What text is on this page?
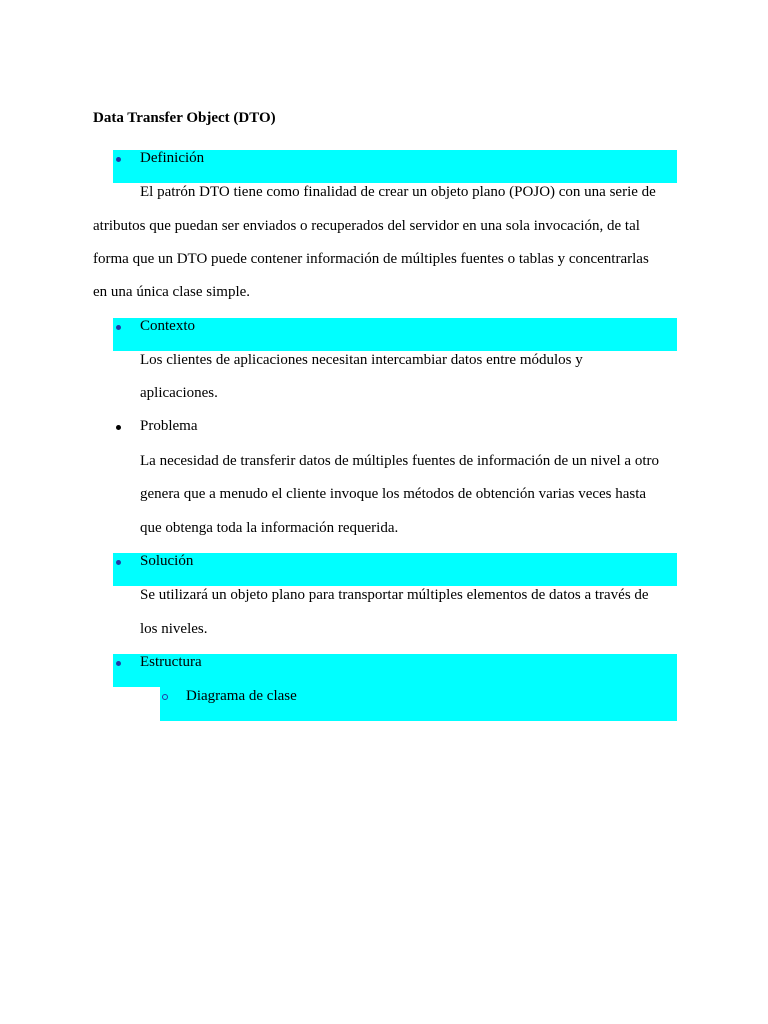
Data Transfer Object (DTO)
Definición
El patrón DTO tiene como finalidad de crear un objeto plano (POJO) con una serie de
atributos que puedan ser enviados o recuperados del servidor en una sola invocación, de tal
forma que un DTO puede contener información de múltiples fuentes o tablas y concentrarlas
en una única clase simple.
Contexto
Los clientes de aplicaciones necesitan intercambiar datos entre módulos y
aplicaciones.
Problema
La necesidad de transferir datos de múltiples fuentes de información de un nivel a otro
genera que a menudo el cliente invoque los métodos de obtención varias veces hasta
que obtenga toda la información requerida.
Solución
Se utilizará un objeto plano para transportar múltiples elementos de datos a través de
los niveles.
Estructura
Diagrama de clase
